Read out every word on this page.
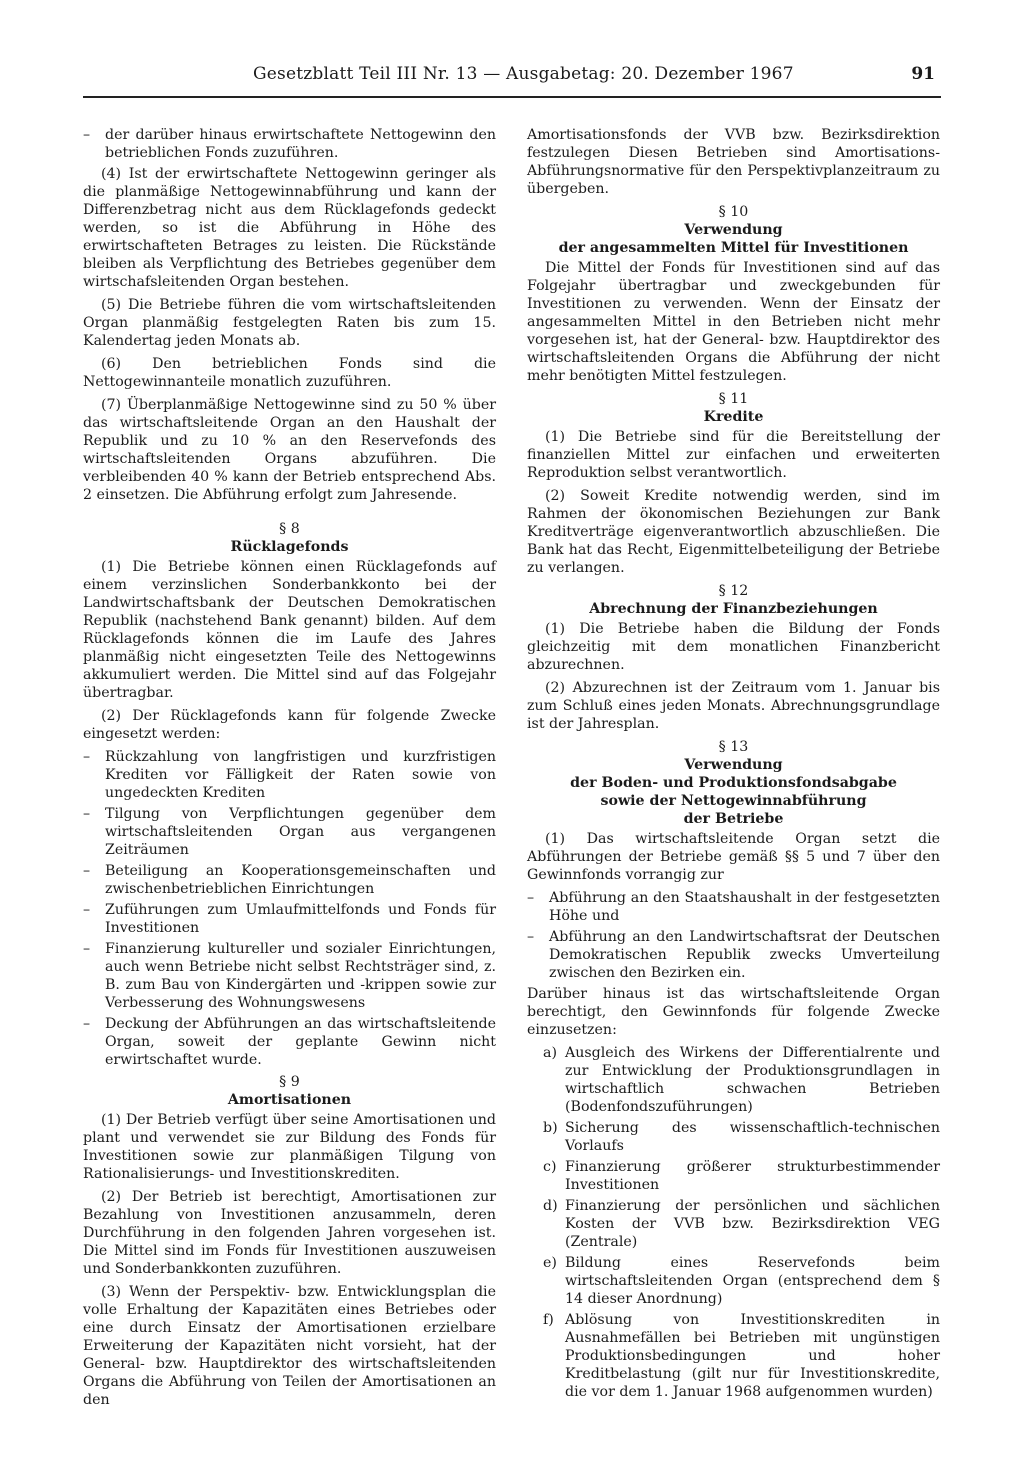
Gesetzblatt Teil III Nr. 13 — Ausgabetag: 20. Dezember 1967	91
– der darüber hinaus erwirtschaftete Nettogewinn den betrieblichen Fonds zuzuführen.

(4) Ist der erwirtschaftete Nettogewinn geringer als die planmäßige Nettogewinnabführung und kann der Differenzbetrag nicht aus dem Rücklagefonds gedeckt werden, so ist die Abführung in Höhe des erwirtschafteten Betrages zu leisten. Die Rückstände bleiben als Verpflichtung des Betriebes gegenüber dem wirtschafsleitenden Organ bestehen.

(5) Die Betriebe führen die vom wirtschaftsleitenden Organ planmäßig festgelegten Raten bis zum 15. Kalendertag jeden Monats ab.

(6) Den betrieblichen Fonds sind die Nettogewinnanteile monatlich zuzuführen.

(7) Überplanmäßige Nettogewinne sind zu 50 % über das wirtschaftsleitende Organ an den Haushalt der Republik und zu 10 % an den Reservefonds des wirtschaftsleitenden Organs abzuführen. Die verbleibenden 40 % kann der Betrieb entsprechend Abs. 2 einsetzen. Die Abführung erfolgt zum Jahresende.

§ 8
Rücklagefonds

(1) Die Betriebe können einen Rücklagefonds auf einem verzinslichen Sonderbankkonto bei der Landwirtschaftsbank der Deutschen Demokratischen Republik (nachstehend Bank genannt) bilden. Auf dem Rücklagefonds können die im Laufe des Jahres planmäßig nicht eingesetzten Teile des Nettogewinns akkumuliert werden. Die Mittel sind auf das Folgejahr übertragbar.

(2) Der Rücklagefonds kann für folgende Zwecke eingesetzt werden:

– Rückzahlung von langfristigen und kurzfristigen Krediten vor Fälligkeit der Raten sowie von ungedeckten Krediten
– Tilgung von Verpflichtungen gegenüber dem wirtschaftsleitenden Organ aus vergangenen Zeiträumen
– Beteiligung an Kooperationsgemeinschaften und zwischenbetrieblichen Einrichtungen
– Zuführungen zum Umlaufmittelfonds und Fonds für Investitionen
– Finanzierung kultureller und sozialer Einrichtungen, auch wenn Betriebe nicht selbst Rechtsträger sind, z. B. zum Bau von Kindergärten und -krippen sowie zur Verbesserung des Wohnungswesens
– Deckung der Abführungen an das wirtschaftsleitende Organ, soweit der geplante Gewinn nicht erwirtschaftet wurde.
§ 9
Amortisationen

(1) Der Betrieb verfügt über seine Amortisationen und plant und verwendet sie zur Bildung des Fonds für Investitionen sowie zur planmäßigen Tilgung von Rationalisierungs- und Investitionskrediten.

(2) Der Betrieb ist berechtigt, Amortisationen zur Bezahlung von Investitionen anzusammeln, deren Durchführung in den folgenden Jahren vorgesehen ist. Die Mittel sind im Fonds für Investitionen auszuweisen und Sonderbankkonten zuzuführen.

(3) Wenn der Perspektiv- bzw. Entwicklungsplan die volle Erhaltung der Kapazitäten eines Betriebes oder eine durch Einsatz der Amortisationen erzielbare Erweiterung der Kapazitäten nicht vorsieht, hat der General- bzw. Hauptdirektor des wirtschaftsleitenden Organs die Abführung von Teilen der Amortisationen an den

Amortisationsfonds der VVB bzw. Bezirksdirektion festzulegen Diesen Betrieben sind Amortisations-Abführungsnormative für den Perspektivplanzeitraum zu übergeben.

§ 10
Verwendung
der angesammelten Mittel für Investitionen

Die Mittel der Fonds für Investitionen sind auf das Folgejahr übertragbar und zweckgebunden für Investitionen zu verwenden. Wenn der Einsatz der angesammelten Mittel in den Betrieben nicht mehr vorgesehen ist, hat der General- bzw. Hauptdirektor des wirtschaftsleitenden Organs die Abführung der nicht mehr benötigten Mittel festzulegen.

§ 11
Kredite

(1) Die Betriebe sind für die Bereitstellung der finanziellen Mittel zur einfachen und erweiterten Reproduktion selbst verantwortlich.

(2) Soweit Kredite notwendig werden, sind im Rahmen der ökonomischen Beziehungen zur Bank Kreditverträge eigenverantwortlich abzuschließen. Die Bank hat das Recht, Eigenmittelbeteiligung der Betriebe zu verlangen.

§ 12
Abrechnung der Finanzbeziehungen

(1) Die Betriebe haben die Bildung der Fonds gleichzeitig mit dem monatlichen Finanzbericht abzurechnen.

(2) Abzurechnen ist der Zeitraum vom 1. Januar bis zum Schluß eines jeden Monats. Abrechnungsgrundlage ist der Jahresplan.

§ 13
Verwendung
der Boden- und Produktionsfondsabgabe
sowie der Nettogewinnabführung
der Betriebe

(1) Das wirtschaftsleitende Organ setzt die Abführungen der Betriebe gemäß §§ 5 und 7 über den Gewinnfonds vorrangig zur

– Abführung an den Staatshaushalt in der festgesetzten Höhe und
– Abführung an den Landwirtschaftsrat der Deutschen Demokratischen Republik zwecks Umverteilung zwischen den Bezirken ein.

Darüber hinaus ist das wirtschaftsleitende Organ berechtigt, den Gewinnfonds für folgende Zwecke einzusetzen:

a) Ausgleich des Wirkens der Differentialrente und zur Entwicklung der Produktionsgrundlagen in wirtschaftlich schwachen Betrieben (Bodenfondszuführungen)
b) Sicherung des wissenschaftlich-technischen Vorlaufs
c) Finanzierung größerer strukturbestimmender Investitionen
d) Finanzierung der persönlichen und sächlichen Kosten der VVB bzw. Bezirksdirektion VEG (Zentrale)
e) Bildung eines Reservefonds beim wirtschaftsleitenden Organ (entsprechend dem § 14 dieser Anordnung)
f) Ablösung von Investitionskrediten in Ausnahmefällen bei Betrieben mit ungünstigen Produktionsbedingungen und hoher Kreditbelastung (gilt nur für Investitionskredite, die vor dem 1. Januar 1968 aufgenommen wurden)
